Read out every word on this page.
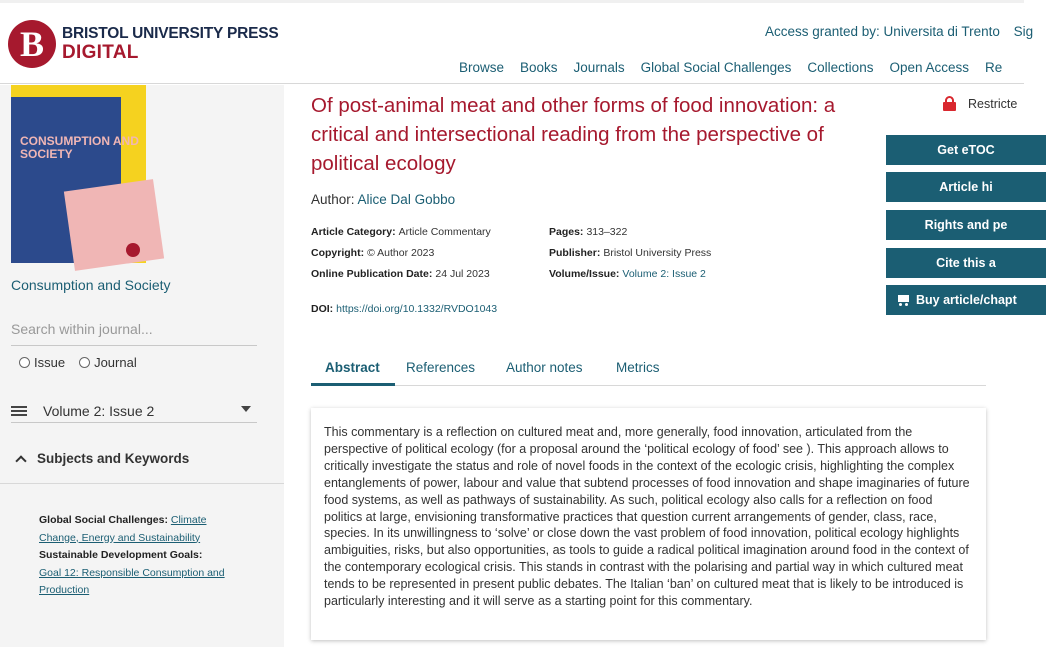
B	BRISTOL UNIVERSITY PRESS
DIGITAL
Access granted by: Universita di Trento Sig
Browse Books Journals Global Social Challenges Collections Open Access Re
CONSUMPTION AND SOCIETY
Consumption and Society
Search within journal...
Issue Journal
Volume 2: Issue 2
Subjects and Keywords
Global Social Challenges: Climate
Change, Energy and Sustainability
Sustainable Development Goals:
Goal 12: Responsible Consumption and
Production
Of post-animal meat and other forms of food innovation: a critical and intersectional reading from the perspective of political ecology
Author: Alice Dal Gobbo
Article Category: Article Commentary	Pages: 313–322
Copyright: © Author 2023	Publisher: Bristol University Press
Online Publication Date: 24 Jul 2023	Volume/Issue: Volume 2: Issue 2
DOI: https://doi.org/10.1332/RVDO1043
Abstract References Author notes Metrics

This commentary is a reflection on cultured meat and, more generally, food innovation, articulated from the perspective of political ecology (for a proposal around the ‘political ecology of food’ see ). This approach allows to critically investigate the status and role of novel foods in the context of the ecologic crisis, highlighting the complex entanglements of power, labour and value that subtend processes of food innovation and shape imaginaries of future food systems, as well as pathways of sustainability. As such, political ecology also calls for a reflection on food politics at large, envisioning transformative practices that question current arrangements of gender, class, race, species. In its unwillingness to ‘solve’ or close down the vast problem of food innovation, political ecology highlights ambiguities, risks, but also opportunities, as tools to guide a radical political imagination around food in the context of the contemporary ecological crisis. This stands in contrast with the polarising and partial way in which cultured meat tends to be represented in present public debates. The Italian ‘ban’ on cultured meat that is likely to be introduced is particularly interesting and it will serve as a starting point for this commentary.

Restricte
Get eTOC
Article hi
Rights and pe
Cite this a
Buy article/chapt
